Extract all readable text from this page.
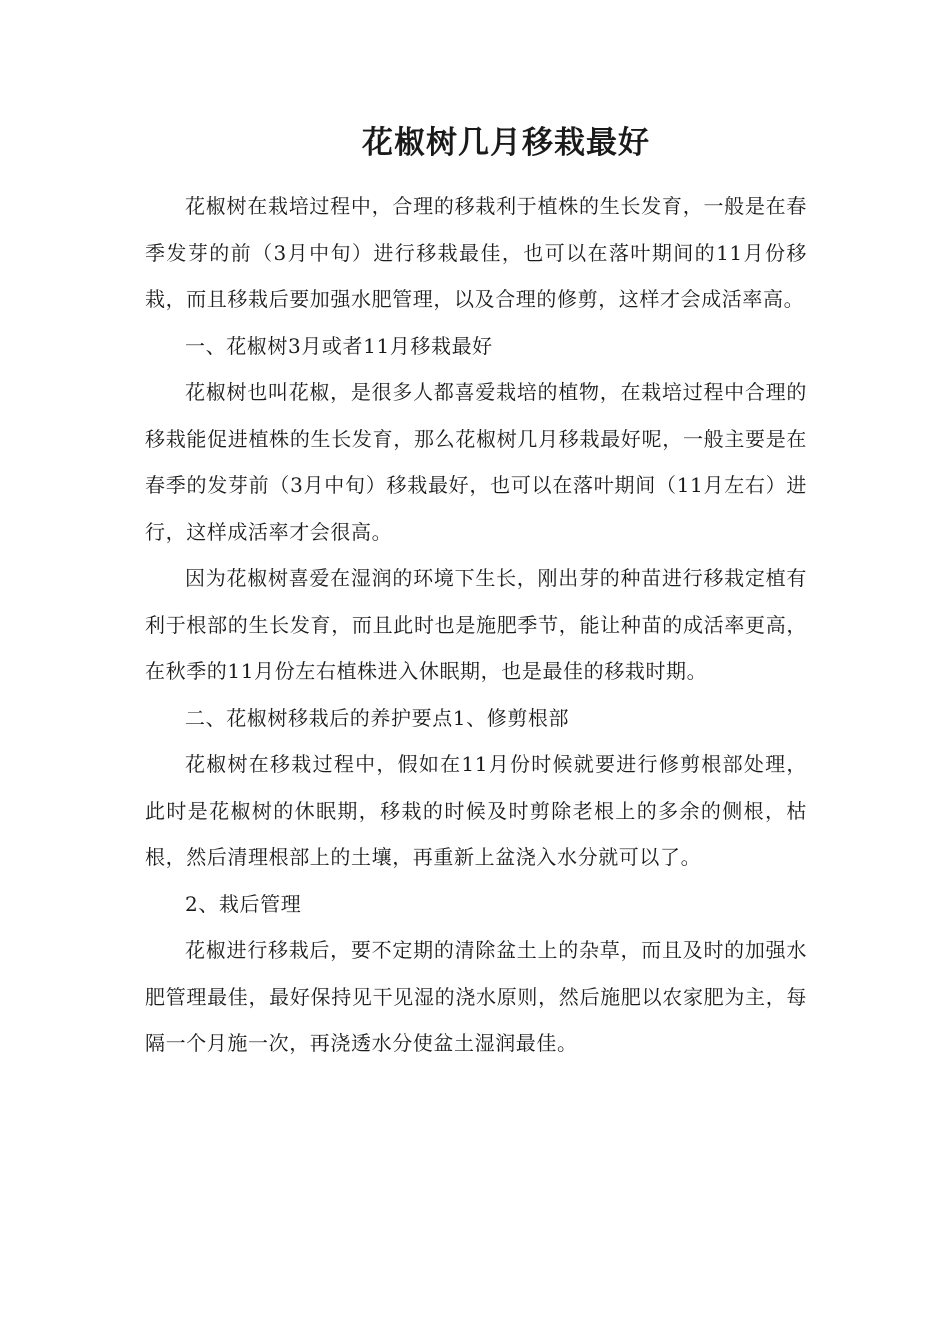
花椒树几月移栽最好

花椒树在栽培过程中，合理的移栽利于植株的生长发育，一般是在春季发芽的前（3月中旬）进行移栽最佳，也可以在落叶期间的11月份移栽，而且移栽后要加强水肥管理，以及合理的修剪，这样才会成活率高。

一、花椒树3月或者11月移栽最好

花椒树也叫花椒，是很多人都喜爱栽培的植物，在栽培过程中合理的移栽能促进植株的生长发育，那么花椒树几月移栽最好呢，一般主要是在春季的发芽前（3月中旬）移栽最好，也可以在落叶期间（11月左右）进行，这样成活率才会很高。

因为花椒树喜爱在湿润的环境下生长，刚出芽的种苗进行移栽定植有利于根部的生长发育，而且此时也是施肥季节，能让种苗的成活率更高，在秋季的11月份左右植株进入休眠期，也是最佳的移栽时期。

二、花椒树移栽后的养护要点1、修剪根部

花椒树在移栽过程中，假如在11月份时候就要进行修剪根部处理，此时是花椒树的休眠期，移栽的时候及时剪除老根上的多余的侧根，枯根，然后清理根部上的土壤，再重新上盆浇入水分就可以了。

2、栽后管理

花椒进行移栽后，要不定期的清除盆土上的杂草，而且及时的加强水肥管理最佳，最好保持见干见湿的浇水原则，然后施肥以农家肥为主，每隔一个月施一次，再浇透水分使盆土湿润最佳。
